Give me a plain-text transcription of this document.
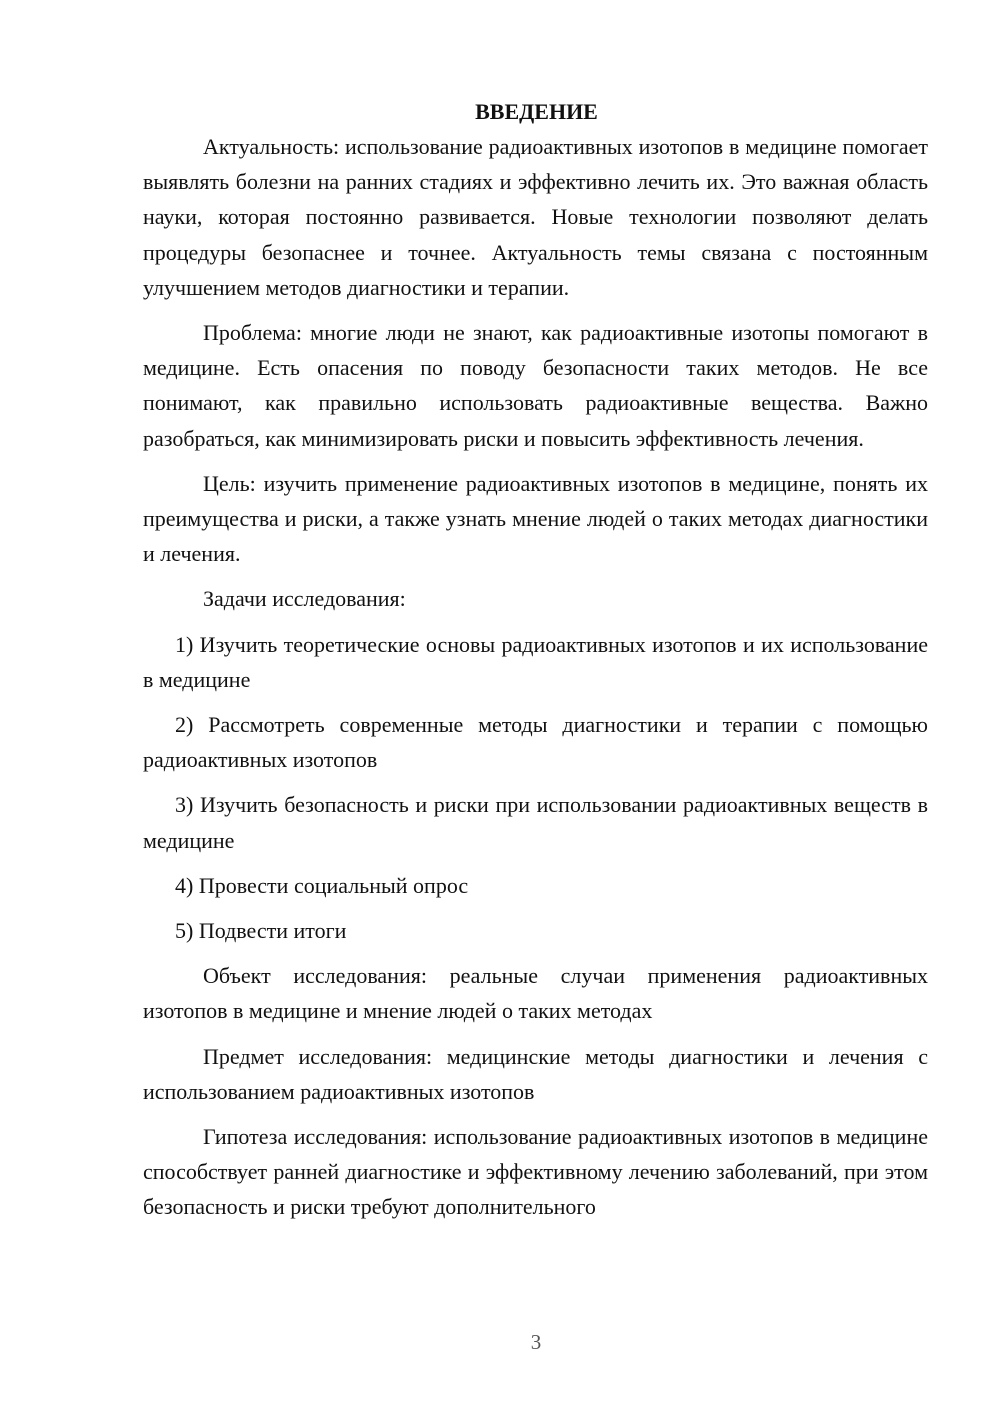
ВВЕДЕНИЕ

Актуальность: использование радиоактивных изотопов в медицине помогает выявлять болезни на ранних стадиях и эффективно лечить их. Это важная область науки, которая постоянно развивается. Новые технологии позволяют делать процедуры безопаснее и точнее. Актуальность темы связана с постоянным улучшением методов диагностики и терапии.

Проблема: многие люди не знают, как радиоактивные изотопы помогают в медицине. Есть опасения по поводу безопасности таких методов. Не все понимают, как правильно использовать радиоактивные вещества. Важно разобраться, как минимизировать риски и повысить эффективность лечения.

Цель: изучить применение радиоактивных изотопов в медицине, понять их преимущества и риски, а также узнать мнение людей о таких методах диагностики и лечения.

Задачи исследования:

1) Изучить теоретические основы радиоактивных изотопов и их использование в медицине

2) Рассмотреть современные методы диагностики и терапии с помощью радиоактивных изотопов

3) Изучить безопасность и риски при использовании радиоактивных веществ в медицине

4) Провести социальный опрос

5) Подвести итоги

Объект исследования: реальные случаи применения радиоактивных изотопов в медицине и мнение людей о таких методах

Предмет исследования: медицинские методы диагностики и лечения с использованием радиоактивных изотопов

Гипотеза исследования: использование радиоактивных изотопов в медицине способствует ранней диагностике и эффективному лечению заболеваний, при этом безопасность и риски требуют дополнительного

3
